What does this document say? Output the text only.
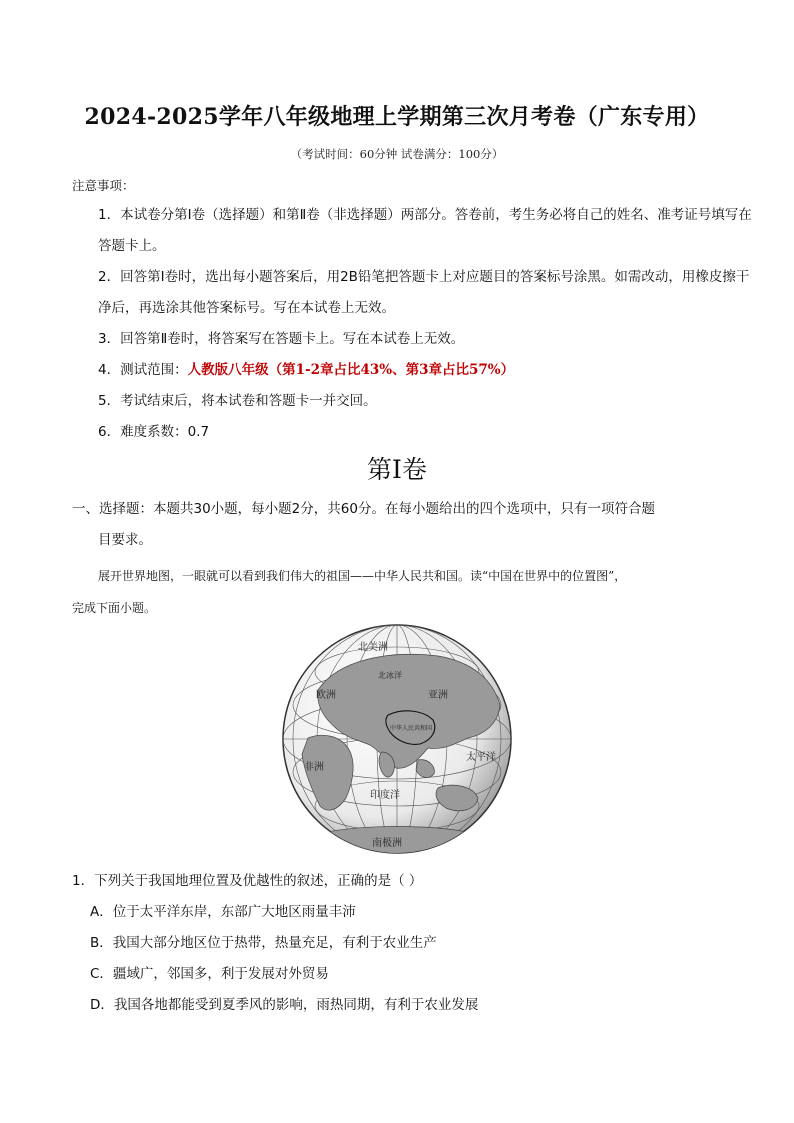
2024-2025学年八年级地理上学期第三次月考卷（广东专用）
（考试时间：60分钟 试卷满分：100分）
注意事项：
1．本试卷分第Ⅰ卷（选择题）和第Ⅱ卷（非选择题）两部分。答卷前，考生务必将自己的姓名、准考证号填写在答题卡上。
2．回答第Ⅰ卷时，选出每小题答案后，用2B铅笔把答题卡上对应题目的答案标号涂黑。如需改动，用橡皮擦干净后，再选涂其他答案标号。写在本试卷上无效。
3．回答第Ⅱ卷时，将答案写在答题卡上。写在本试卷上无效。
4．测试范围：人教版八年级（第1-2章占比43%、第3章占比57%）
5．考试结束后，将本试卷和答题卡一并交回。
6．难度系数：0.7
第Ⅰ卷
一、选择题：本题共30小题，每小题2分，共60分。在每小题给出的四个选项中，只有一项符合题
目要求。
展开世界地图，一眼就可以看到我们伟大的祖国——中华人民共和国。读“中国在世界中的位置图”，
完成下面小题。
北美洲
亚洲
欧洲
非洲
印度洋
太平洋
北冰洋
南极洲
中华人民共和国
1．下列关于我国地理位置及优越性的叙述，正确的是（ ）
A．位于太平洋东岸，东部广大地区雨量丰沛
B．我国大部分地区位于热带，热量充足，有利于农业生产
C．疆域广，邻国多，利于发展对外贸易
D．我国各地都能受到夏季风的影响，雨热同期，有利于农业发展
